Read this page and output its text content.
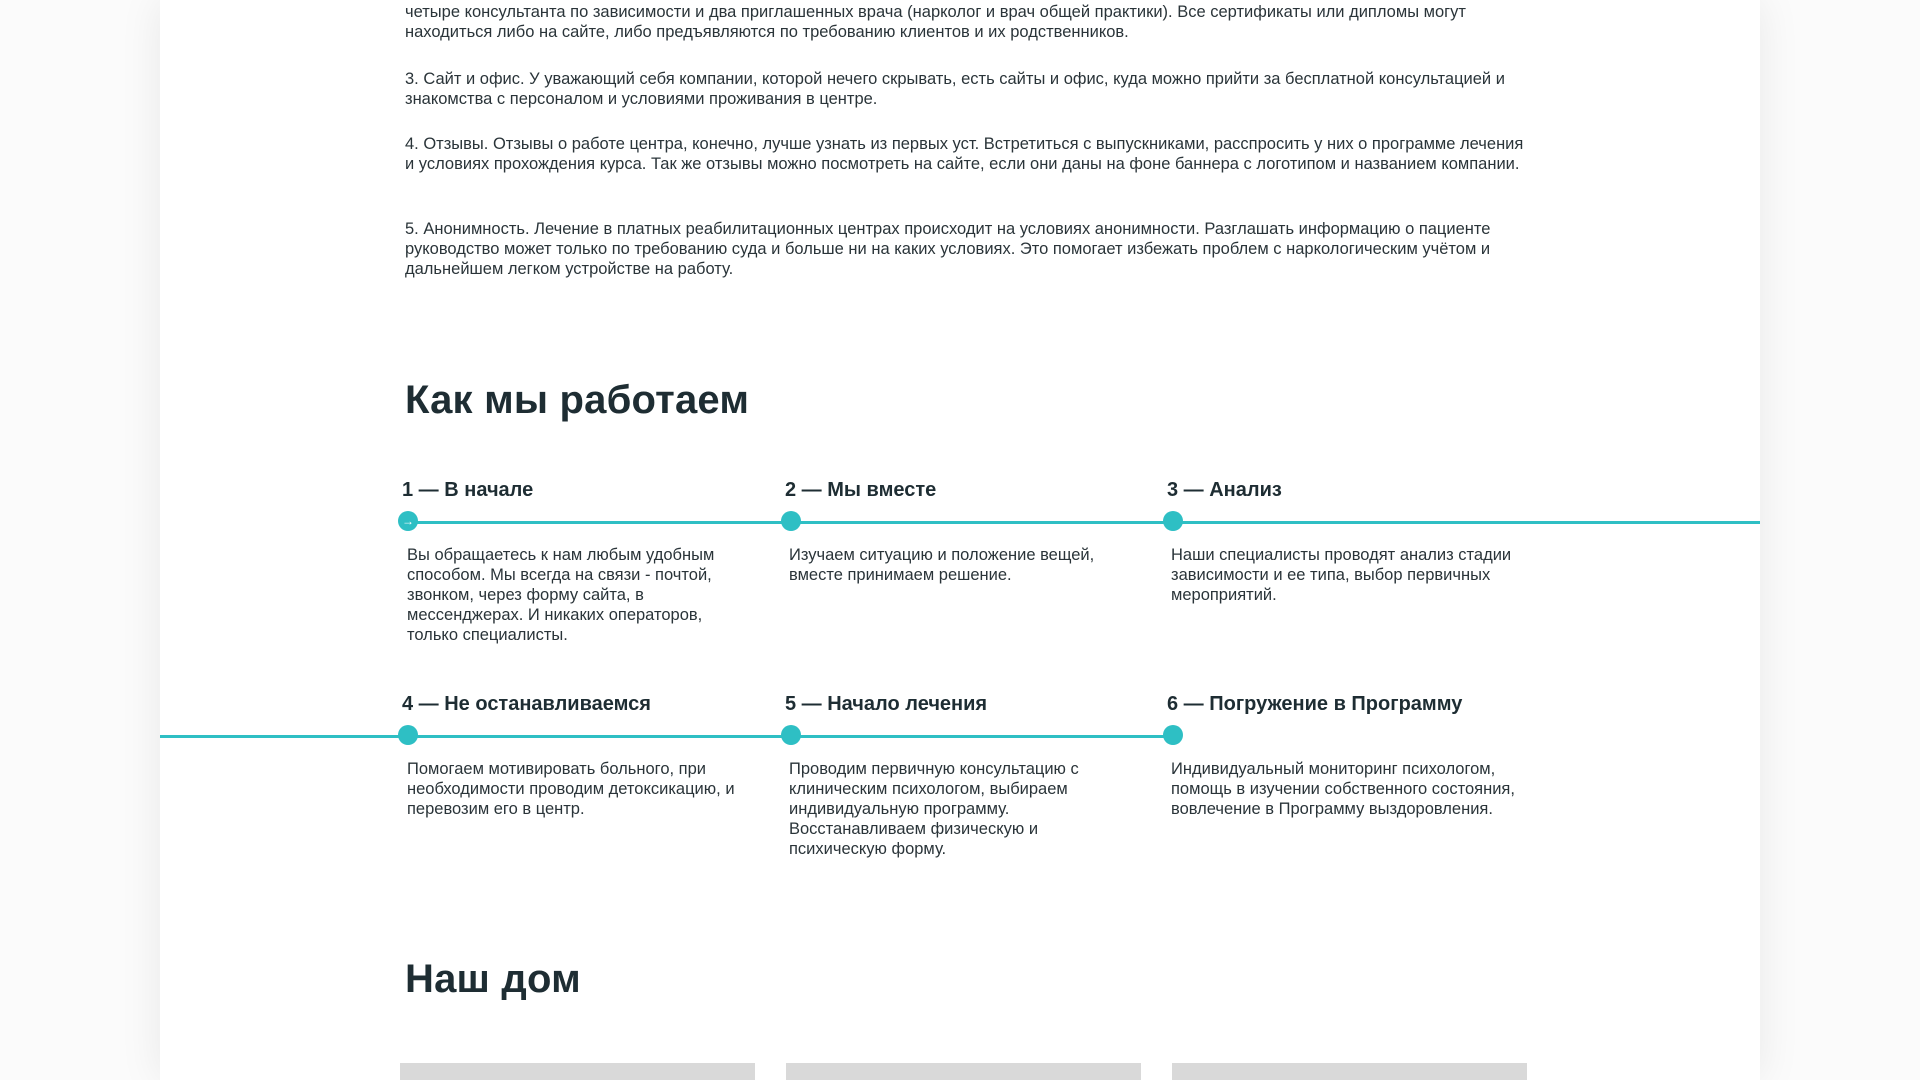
четыре консультанта по зависимости и два приглашенных врача (нарколог и врач общей практики). Все сертификаты или дипломы могут находиться либо на сайте, либо предъявляются по требованию клиентов и их родственников.

3. Сайт и офис. У уважающий себя компании, которой нечего скрывать, есть сайты и офис, куда можно прийти за бесплатной консультацией и знакомства с персоналом и условиями проживания в центре.

4. Отзывы. Отзывы о работе центра, конечно, лучше узнать из первых уст. Встретиться с выпускниками, расспросить у них о программе лечения и условиях прохождения курса. Так же отзывы можно посмотреть на сайте, если они даны на фоне баннера с логотипом и названием компании.

5. Анонимность. Лечение в платных реабилитационных центрах происходит на условиях анонимности. Разглашать информацию о пациенте руководство может только по требованию суда и больше ни на каких условиях. Это помогает избежать проблем с наркологическим учётом и дальнейшем легком устройстве на работу.

Как мы работаем
1 — В начале
→

Вы обращаетесь к нам любым удобным способом. Мы всегда на связи - почтой, звонком, через форму сайта, в мессенджерах. И никаких операторов, только специалисты.

2 — Мы вместе

Изучаем ситуацию и положение вещей, вместе принимаем решение.

3 — Анализ

Наши специалисты проводят анализ стадии зависимости и ее типа, выбор первичных мероприятий.

4 — Не останавливаемся

Помогаем мотивировать больного, при необходимости проводим детоксикацию, и перевозим его в центр.

5 — Начало лечения

Проводим первичную консультацию с клиническим психологом, выбираем индивидуальную программу. Восстанавливаем физическую и психическую форму.

6 — Погружение в Программу

Индивидуальный мониторинг психологом, помощь в изучении собственного состояния, вовлечение в Программу выздоровления.

Наш дом
